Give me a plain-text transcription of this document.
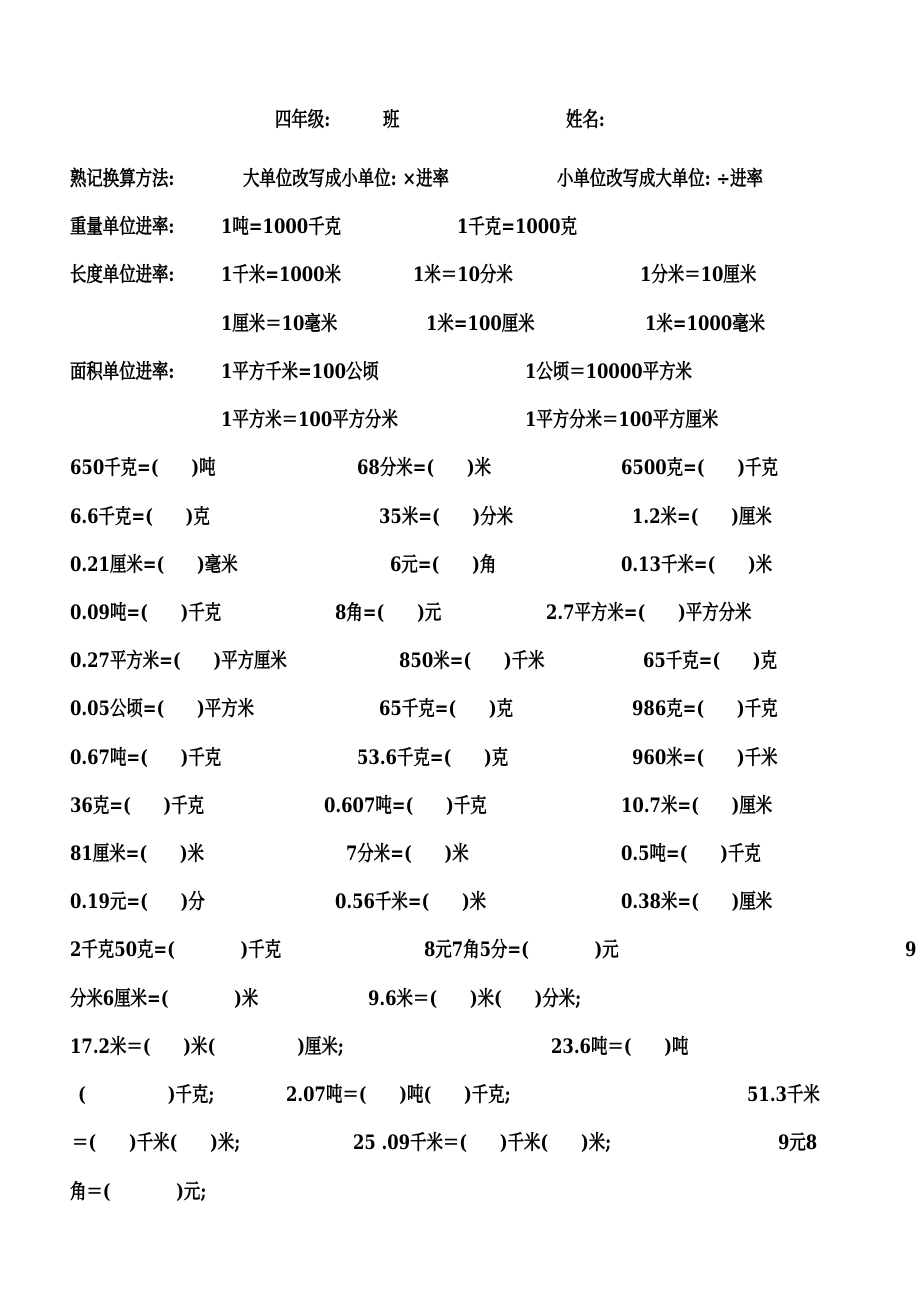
四年级:	班	姓名:
熟记换算方法:	大单位改写成小单位: ×进率	小单位改写成大单位: ÷进率
重量单位进率: 1吨=1000千克	1千克=1000克
长度单位进率: 1千米=1000米	1米＝10分米	1分米＝10厘米
1厘米＝10毫米	1米=100厘米	1米=1000毫米
面积单位进率: 1平方千米=100公顷	1公顷＝10000平方米
1平方米＝100平方分米	1平方分米＝100平方厘米
650千克=(　　)吨	68分米=(　　)米	6500克=(　　)千克
6.6千克=(　　)克	35米=(　　)分米	1.2米=(　　)厘米
0.21厘米=(　　)毫米	6元=(　　)角	0.13千米=(　　)米
0.09吨=(　　)千克	8角=(　　)元	2.7平方米=(　　)平方分米
0.27平方米=(　　)平方厘米	850米=(　　)千米	65千克=(　　)克
0.05公顷=(　　)平方米	65千克=(　　)克	986克=(　　)千克
0.67吨=(　　)千克	53.6千克=(　　)克	960米=(　　)千米
36克=(　　)千克	0.607吨=(　　)千克	10.7米=(　　)厘米
81厘米=(　　)米	7分米=(　　)米	0.5吨=(　　)千克
0.19元=(　　)分	0.56千米=(　　)米	0.38米=(　　)厘米
2千克50克=(　　　　)千克	8元7角5分=(　　　　)元	9
分米6厘米=(　　　　)米	9.6米＝(　　)米(　　)分米;
17.2米＝(　　)米(　　　　　)厘米;	23.6吨＝(　　)吨
(　　　　　)千克;	2.07吨＝(　　)吨(　　)千克;	51.3千米
＝(　　)千米(　　)米;	25 .09千米＝(　　)千米(　　)米;	9元8
角＝(　　　　)元;
